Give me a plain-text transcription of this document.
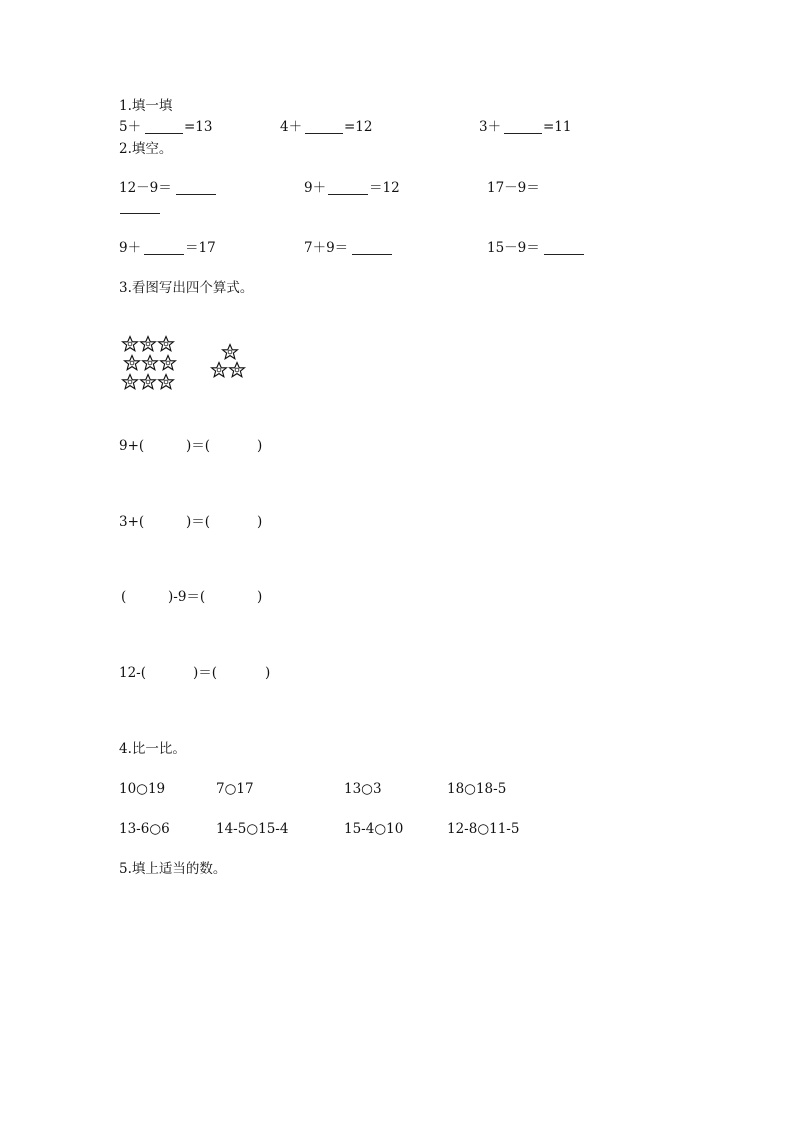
1.填一填
5＋	=13	4＋	=12	3＋	=11
2.填空。
12－9＝	9＋	＝12	17－9＝
9＋	＝17	7＋9＝	15－9＝
3.看图写出四个算式。
9+(	)＝(	)
3+(	)＝(	)
(	)-9＝(	)
12-(	)＝(	)
4.比一比。
10○19	7○17	13○3	18○18-5
13-6○6	14-5○15-4	15-4○10	12-8○11-5
5.填上适当的数。
